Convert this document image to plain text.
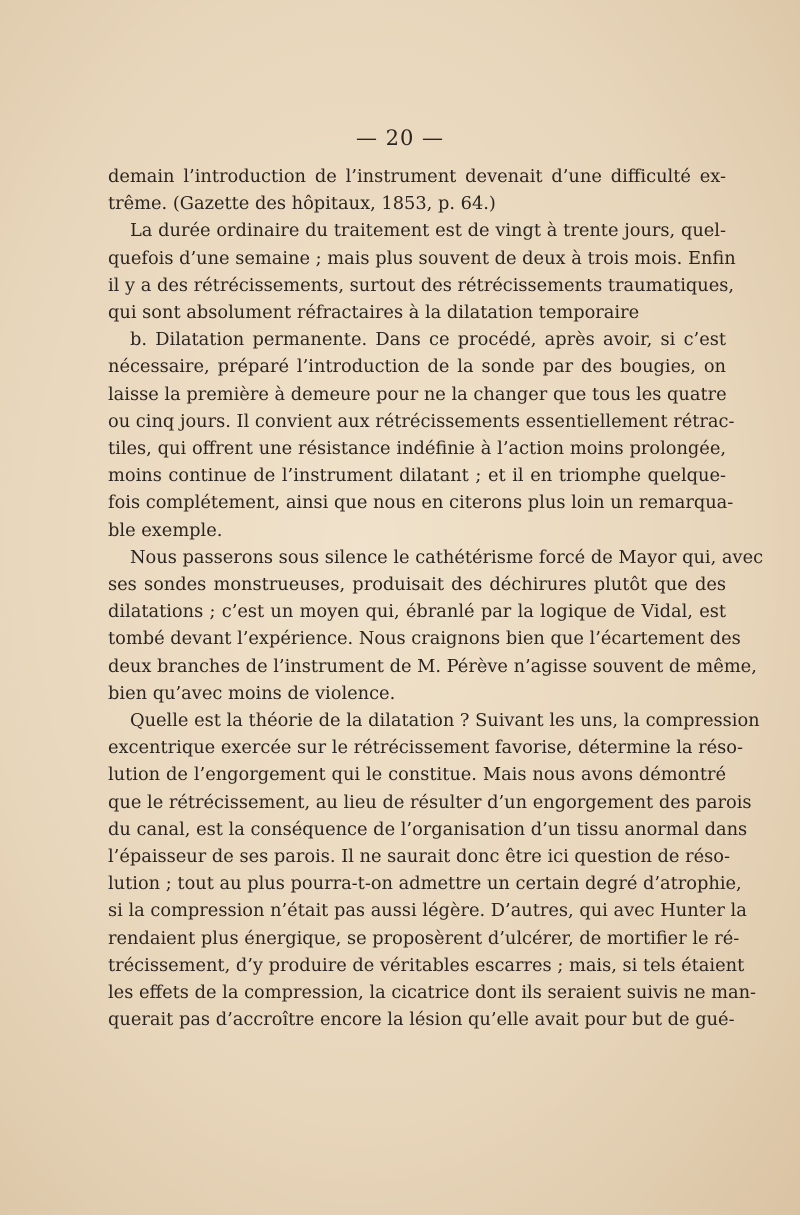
— 20 —
demain l’introduction de l’instrument devenait d’une difficulté ex-
trême. (Gazette des hôpitaux, 1853, p. 64.)
La durée ordinaire du traitement est de vingt à trente jours, quel-
quefois d’une semaine ; mais plus souvent de deux à trois mois. Enfin
il y a des rétrécissements, surtout des rétrécissements traumatiques,
qui sont absolument réfractaires à la dilatation temporaire
b. Dilatation permanente. Dans ce procédé, après avoir, si c’est
nécessaire, préparé l’introduction de la sonde par des bougies, on
laisse la première à demeure pour ne la changer que tous les quatre
ou cinq jours. Il convient aux rétrécissements essentiellement rétrac-
tiles, qui offrent une résistance indéfinie à l’action moins prolongée,
moins continue de l’instrument dilatant ; et il en triomphe quelque-
fois complétement, ainsi que nous en citerons plus loin un remarqua-
ble exemple.
Nous passerons sous silence le cathétérisme forcé de Mayor qui, avec
ses sondes monstrueuses, produisait des déchirures plutôt que des
dilatations ; c’est un moyen qui, ébranlé par la logique de Vidal, est
tombé devant l’expérience. Nous craignons bien que l’écartement des
deux branches de l’instrument de M. Pérève n’agisse souvent de même,
bien qu’avec moins de violence.
Quelle est la théorie de la dilatation ? Suivant les uns, la compression
excentrique exercée sur le rétrécissement favorise, détermine la réso-
lution de l’engorgement qui le constitue. Mais nous avons démontré
que le rétrécissement, au lieu de résulter d’un engorgement des parois
du canal, est la conséquence de l’organisation d’un tissu anormal dans
l’épaisseur de ses parois. Il ne saurait donc être ici question de réso-
lution ; tout au plus pourra-t-on admettre un certain degré d’atrophie,
si la compression n’était pas aussi légère. D’autres, qui avec Hunter la
rendaient plus énergique, se proposèrent d’ulcérer, de mortifier le ré-
trécissement, d’y produire de véritables escarres ; mais, si tels étaient
les effets de la compression, la cicatrice dont ils seraient suivis ne man-
querait pas d’accroître encore la lésion qu’elle avait pour but de gué-
